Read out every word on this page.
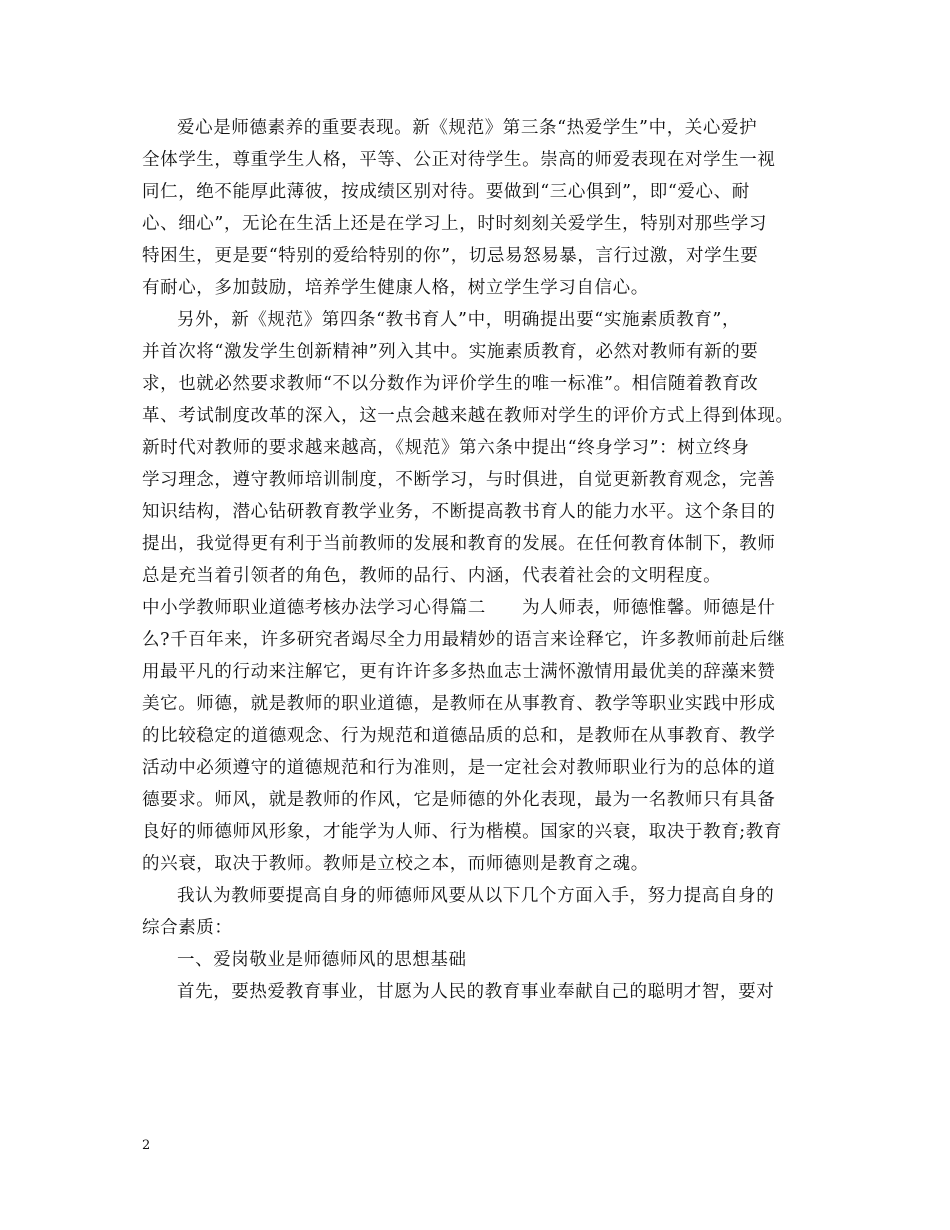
爱心是师德素养的重要表现。新《规范》第三条“热爱学生”中，关心爱护
全体学生，尊重学生人格，平等、公正对待学生。崇高的师爱表现在对学生一视
同仁，绝不能厚此薄彼，按成绩区别对待。要做到“三心俱到”，即“爱心、耐
心、细心”，无论在生活上还是在学习上，时时刻刻关爱学生，特别对那些学习
特困生，更是要“特别的爱给特别的你”，切忌易怒易暴，言行过激，对学生要
有耐心，多加鼓励，培养学生健康人格，树立学生学习自信心。
另外，新《规范》第四条“教书育人”中，明确提出要“实施素质教育”，
并首次将“激发学生创新精神”列入其中。实施素质教育，必然对教师有新的要
求，也就必然要求教师“不以分数作为评价学生的唯一标准”。相信随着教育改
革、考试制度改革的深入，这一点会越来越在教师对学生的评价方式上得到体现。
新时代对教师的要求越来越高，《规范》第六条中提出“终身学习”：树立终身
学习理念，遵守教师培训制度，不断学习，与时俱进，自觉更新教育观念，完善
知识结构，潜心钻研教育教学业务，不断提高教书育人的能力水平。这个条目的
提出，我觉得更有利于当前教师的发展和教育的发展。在任何教育体制下，教师
总是充当着引领者的角色，教师的品行、内涵，代表着社会的文明程度。
中小学教师职业道德考核办法学习心得篇二　　为人师表，师德惟馨。师德是什
么?千百年来，许多研究者竭尽全力用最精妙的语言来诠释它，许多教师前赴后继
用最平凡的行动来注解它，更有许许多多热血志士满怀激情用最优美的辞藻来赞
美它。师德，就是教师的职业道德，是教师在从事教育、教学等职业实践中形成
的比较稳定的道德观念、行为规范和道德品质的总和，是教师在从事教育、教学
活动中必须遵守的道德规范和行为准则，是一定社会对教师职业行为的总体的道
德要求。师风，就是教师的作风，它是师德的外化表现，最为一名教师只有具备
良好的师德师风形象，才能学为人师、行为楷模。国家的兴衰，取决于教育;教育
的兴衰，取决于教师。教师是立校之本，而师德则是教育之魂。
我认为教师要提高自身的师德师风要从以下几个方面入手，努力提高自身的
综合素质：
一、爱岗敬业是师德师风的思想基础
首先，要热爱教育事业，甘愿为人民的教育事业奉献自己的聪明才智，要对
2
